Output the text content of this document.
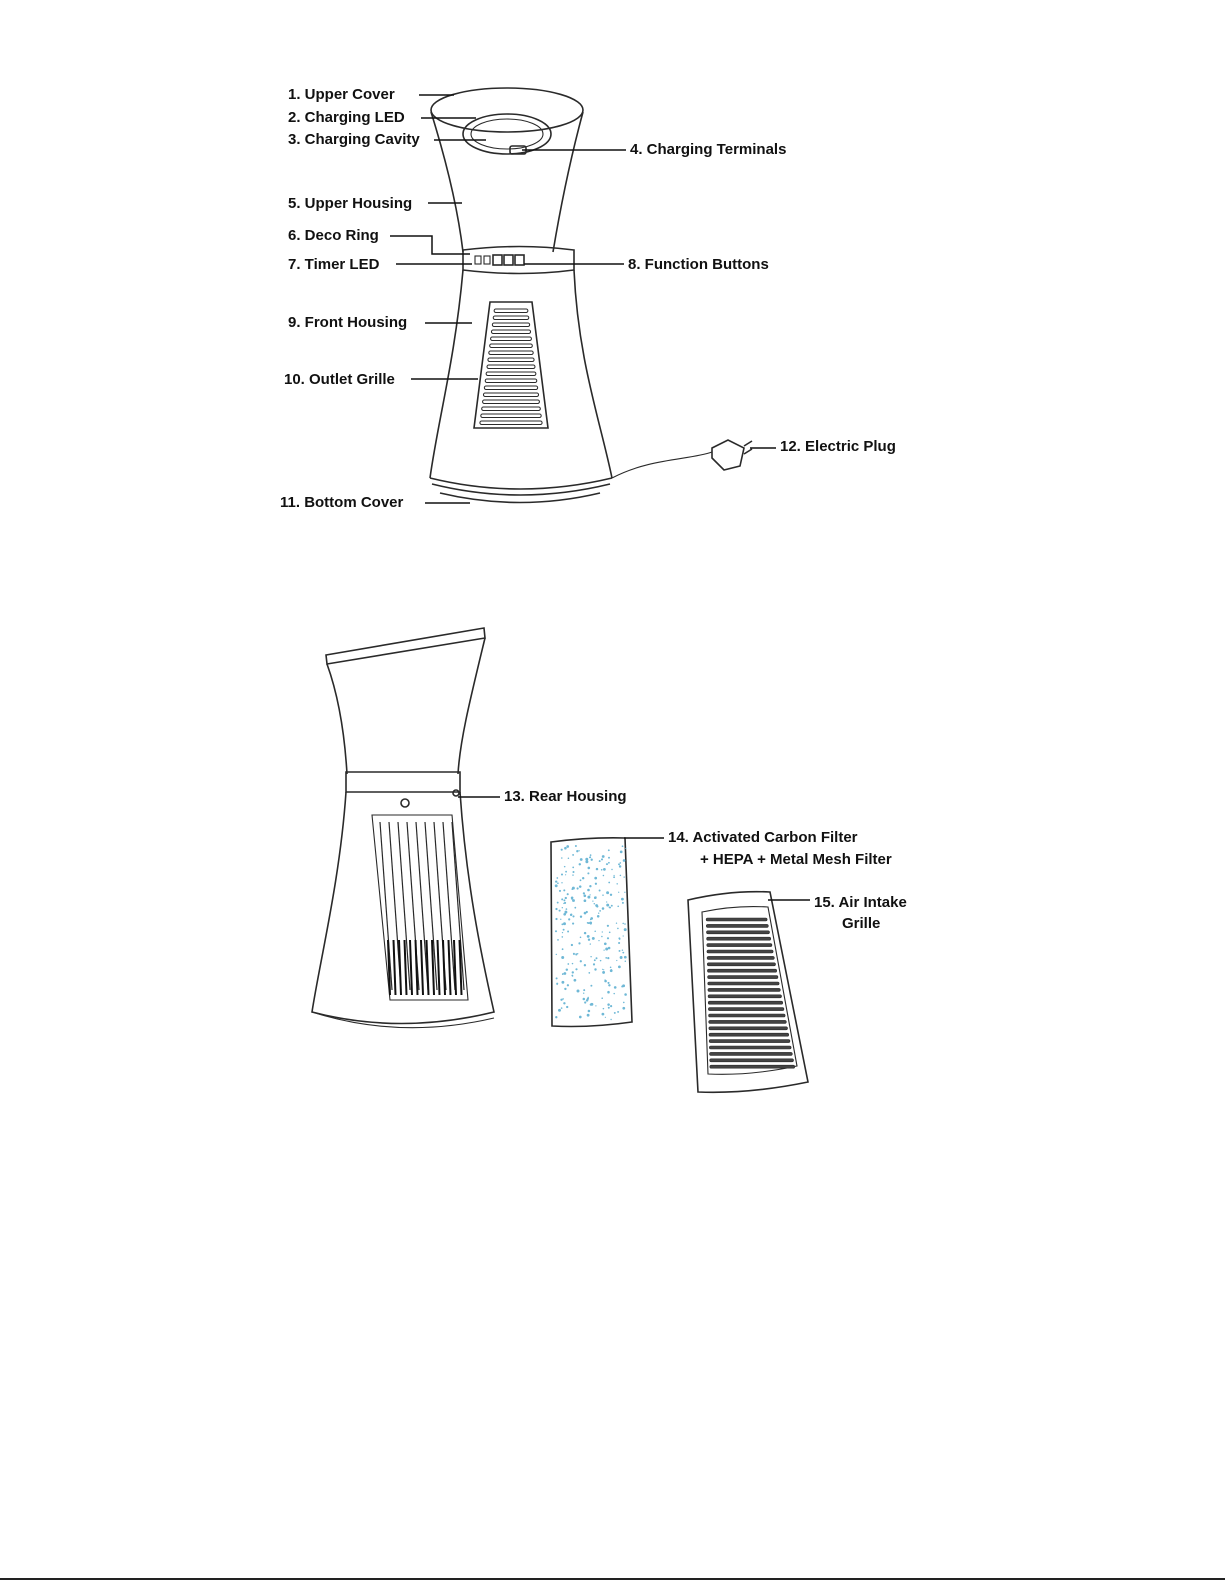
1. Upper Cover
2. Charging LED
3. Charging Cavity
4. Charging Terminals
5. Upper Housing
6. Deco Ring
7. Timer LED	8. Function Buttons
9. Front Housing
10. Outlet Grille
11. Bottom Cover
12. Electric Plug
13. Rear Housing
14. Activated Carbon Filter
+ HEPA + Metal Mesh Filter
15. Air Intake
Grille
